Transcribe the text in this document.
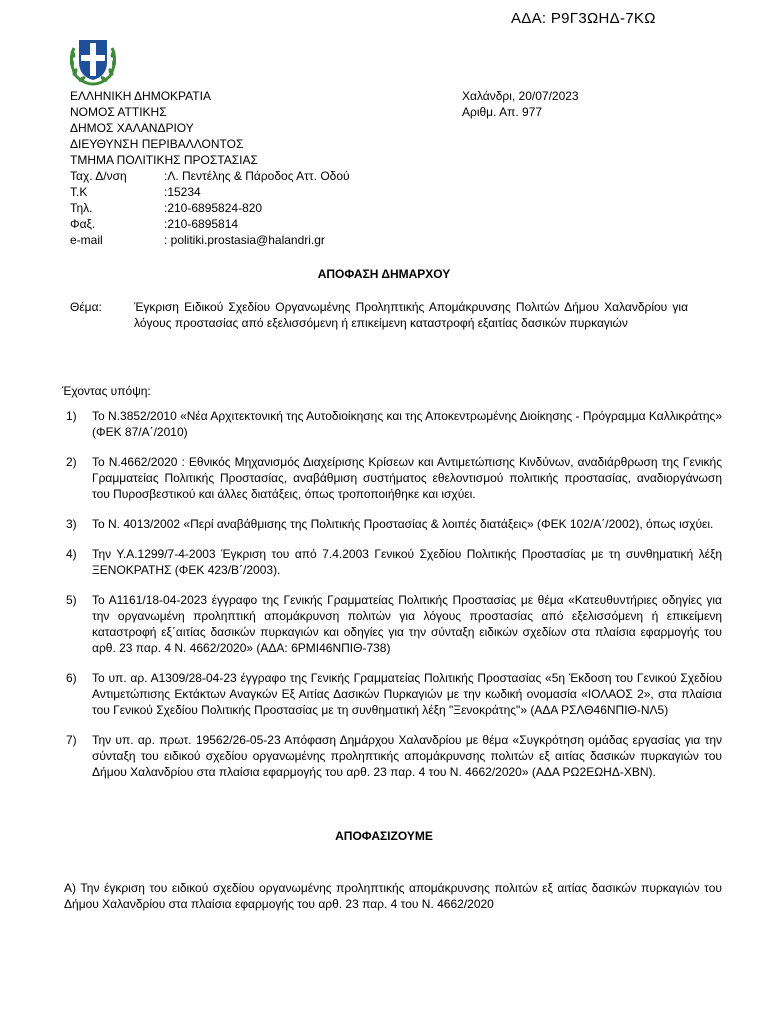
ΑΔΑ: Ρ9Γ3ΩΗΔ-7ΚΩ
ΕΛΛΗΝΙΚΗ ΔΗΜΟΚΡΑΤΙΑ
ΝΟΜΟΣ ΑΤΤΙΚΗΣ
ΔΗΜΟΣ ΧΑΛΑΝΔΡΙΟΥ
ΔΙΕΥΘΥΝΣΗ ΠΕΡΙΒΑΛΛΟΝΤΟΣ
ΤΜΗΜΑ ΠΟΛΙΤΙΚΗΣ ΠΡΟΣΤΑΣΙΑΣ
Χαλάνδρι, 20/07/2023
Αριθμ. Απ. 977
Ταχ. Δ/νση	:Λ. Πεντέλης & Πάροδος Αττ. Οδού
Τ.Κ	:15234
Τηλ.	:210-6895824-820
Φαξ.	:210-6895814
e-mail	: politiki.prostasia@halandri.gr
ΑΠΟΦΑΣΗ ΔΗΜΑΡΧΟΥ
Θέμα:	Έγκριση Ειδικού Σχεδίου Οργανωμένης Προληπτικής Απομάκρυνσης Πολιτών Δήμου Χαλανδρίου για λόγους προστασίας από εξελισσόμενη ή επικείμενη καταστροφή εξαιτίας δασικών πυρκαγιών
Έχοντας υπόψη:
1)	Το Ν.3852/2010 «Νέα Αρχιτεκτονική της Αυτοδιοίκησης και της Αποκεντρωμένης Διοίκησης - Πρόγραμμα Καλλικράτης» (ΦΕΚ 87/Α΄/2010)
2)	Το Ν.4662/2020 : Εθνικός Μηχανισμός Διαχείρισης Κρίσεων και Αντιμετώπισης Κινδύνων, αναδιάρθρωση της Γενικής Γραμματείας Πολιτικής Προστασίας, αναβάθμιση συστήματος εθελοντισμού πολιτικής προστασίας, αναδιοργάνωση του Πυροσβεστικού και άλλες διατάξεις, όπως τροποποιήθηκε και ισχύει.
3)	Το Ν. 4013/2002 «Περί αναβάθμισης της Πολιτικής Προστασίας & λοιπές διατάξεις» (ΦΕΚ 102/Α΄/2002), όπως ισχύει.
4)	Την Υ.Α.1299/7-4-2003 Έγκριση του από 7.4.2003 Γενικού Σχεδίου Πολιτικής Προστασίας με τη συνθηματική λέξη ΞΕΝΟΚΡΑΤΗΣ (ΦΕΚ 423/Β΄/2003).
5)	Το Α1161/18-04-2023 έγγραφο της Γενικής Γραμματείας Πολιτικής Προστασίας με θέμα «Κατευθυντήριες οδηγίες για την οργανωμένη προληπτική απομάκρυνση πολιτών για λόγους προστασίας από εξελισσόμενη ή επικείμενη καταστροφή εξ΄αιτίας δασικών πυρκαγιών και οδηγίες για την σύνταξη ειδικών σχεδίων στα πλαίσια εφαρμογής του αρθ. 23 παρ. 4 Ν. 4662/2020» (ΑΔΑ: 6ΡΜΙ46ΝΠΙΘ-738)
6)	Το υπ. αρ. Α1309/28-04-23 έγγραφο της Γενικής Γραμματείας Πολιτικής Προστασίας «5η Έκδοση του Γενικού Σχεδίου Αντιμετώπισης Εκτάκτων Αναγκών Εξ Αιτίας Δασικών Πυρκαγιών με την κωδική ονομασία «ΙΟΛΑΟΣ 2», στα πλαίσια του Γενικού Σχεδίου Πολιτικής Προστασίας με τη συνθηματική λέξη "Ξενοκράτης"» (ΑΔΑ ΡΣΛΘ46ΝΠΙΘ-ΝΛ5)
7)	Την υπ. αρ. πρωτ. 19562/26-05-23 Απόφαση Δημάρχου Χαλανδρίου με θέμα «Συγκρότηση ομάδας εργασίας για την σύνταξη του ειδικού σχεδίου οργανωμένης προληπτικής απομάκρυνσης πολιτών εξ αιτίας δασικών πυρκαγιών του Δήμου Χαλανδρίου στα πλαίσια εφαρμογής του αρθ. 23 παρ. 4 του Ν. 4662/2020» (ΑΔΑ ΡΩ2ΕΩΗΔ-ΧΒΝ).
ΑΠΟΦΑΣΙΖΟΥΜΕ
Α) Την έγκριση του ειδικού σχεδίου οργανωμένης προληπτικής απομάκρυνσης πολιτών εξ αιτίας δασικών πυρκαγιών του Δήμου Χαλανδρίου στα πλαίσια εφαρμογής του αρθ. 23 παρ. 4 του Ν. 4662/2020
